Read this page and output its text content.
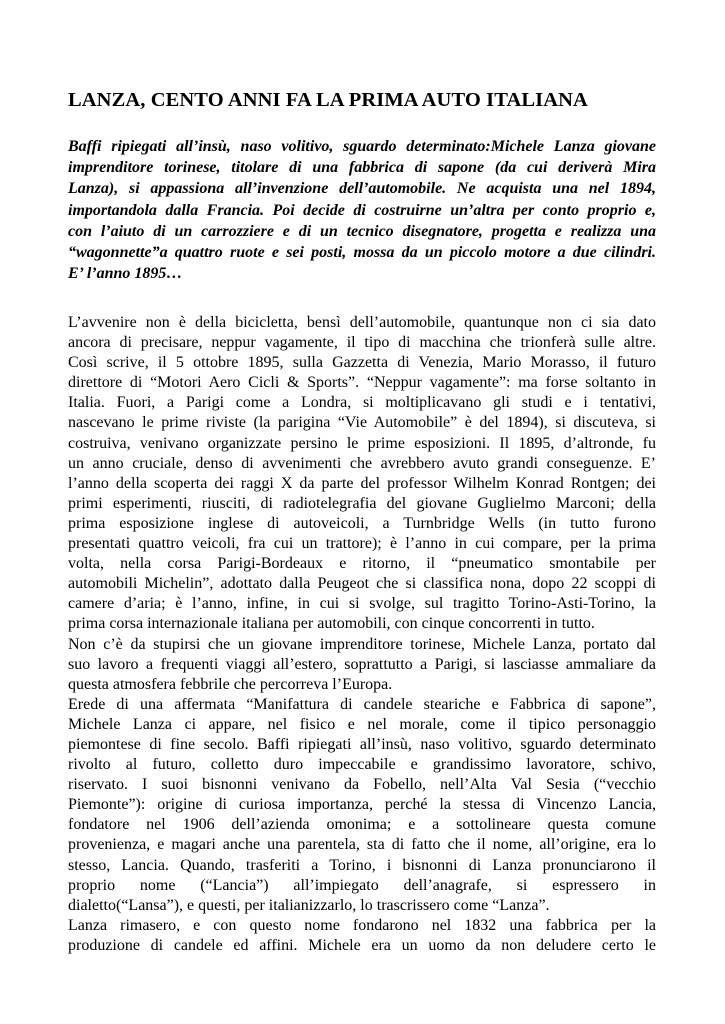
LANZA, CENTO ANNI FA LA PRIMA AUTO ITALIANA
Baffi ripiegati all’insù, naso volitivo, sguardo determinato:Michele Lanza giovane
imprenditore torinese, titolare di una fabbrica di sapone (da cui deriverà Mira
Lanza), si appassiona all’invenzione dell’automobile. Ne acquista una nel 1894,
importandola dalla Francia. Poi decide di costruirne un’altra per conto proprio e,
con l’aiuto di un carrozziere e di un tecnico disegnatore, progetta e realizza una
“wagonnette”a quattro ruote e sei posti, mossa da un piccolo motore a due cilindri.
E’ l’anno 1895…
L’avvenire non è della bicicletta, bensì dell’automobile, quantunque non ci sia dato
ancora di precisare, neppur vagamente, il tipo di macchina che trionferà sulle altre.
Così scrive, il 5 ottobre 1895, sulla Gazzetta di Venezia, Mario Morasso, il futuro
direttore di “Motori Aero Cicli & Sports”. “Neppur vagamente”: ma forse soltanto in
Italia. Fuori, a Parigi come a Londra, si moltiplicavano gli studi e i tentativi,
nascevano le prime riviste (la parigina “Vie Automobile” è del 1894), si discuteva, si
costruiva, venivano organizzate persino le prime esposizioni. Il 1895, d’altronde, fu
un anno cruciale, denso di avvenimenti che avrebbero avuto grandi conseguenze. E’
l’anno della scoperta dei raggi X da parte del professor Wilhelm Konrad Rontgen; dei
primi esperimenti, riusciti, di radiotelegrafia del giovane Guglielmo Marconi; della
prima esposizione inglese di autoveicoli, a Turnbridge Wells (in tutto furono
presentati quattro veicoli, fra cui un trattore); è l’anno in cui compare, per la prima
volta, nella corsa Parigi-Bordeaux e ritorno, il “pneumatico smontabile per
automobili Michelin”, adottato dalla Peugeot che si classifica nona, dopo 22 scoppi di
camere d’aria; è l’anno, infine, in cui si svolge, sul tragitto Torino-Asti-Torino, la
prima corsa internazionale italiana per automobili, con cinque concorrenti in tutto.
Non c’è da stupirsi che un giovane imprenditore torinese, Michele Lanza, portato dal
suo lavoro a frequenti viaggi all’estero, soprattutto a Parigi, si lasciasse ammaliare da
questa atmosfera febbrile che percorreva l’Europa.
Erede di una affermata “Manifattura di candele steariche e Fabbrica di sapone”,
Michele Lanza ci appare, nel fisico e nel morale, come il tipico personaggio
piemontese di fine secolo. Baffi ripiegati all’insù, naso volitivo, sguardo determinato
rivolto al futuro, colletto duro impeccabile e grandissimo lavoratore, schivo,
riservato. I suoi bisnonni venivano da Fobello, nell’Alta Val Sesia (“vecchio
Piemonte”): origine di curiosa importanza, perché la stessa di Vincenzo Lancia,
fondatore nel 1906 dell’azienda omonima; e a sottolineare questa comune
provenienza, e magari anche una parentela, sta di fatto che il nome, all’origine, era lo
stesso, Lancia. Quando, trasferiti a Torino, i bisnonni di Lanza pronunciarono il
proprio nome (“Lancia”) all’impiegato dell’anagrafe, si espressero in
dialetto(“Lansa”), e questi, per italianizzarlo, lo trascrissero come “Lanza”.
Lanza rimasero, e con questo nome fondarono nel 1832 una fabbrica per la
produzione di candele ed affini. Michele era un uomo da non deludere certo le
